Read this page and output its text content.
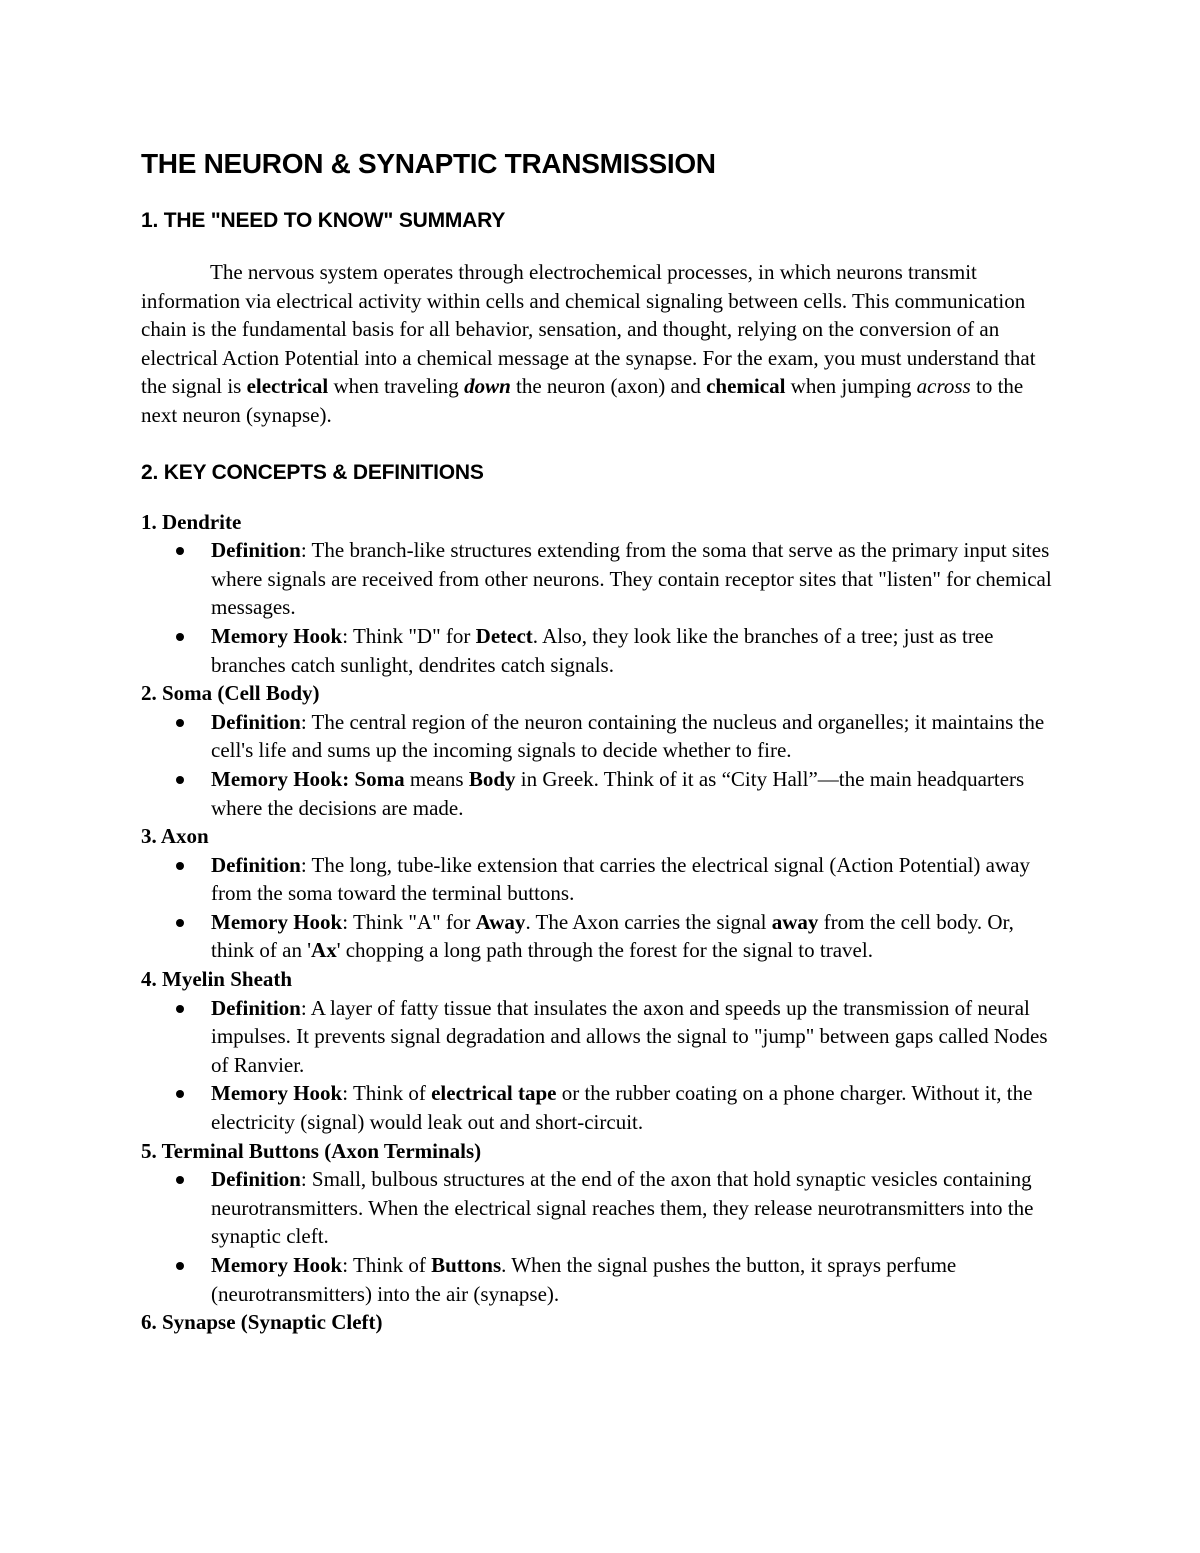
THE NEURON & SYNAPTIC TRANSMISSION
1. THE "NEED TO KNOW" SUMMARY

The nervous system operates through electrochemical processes, in which neurons transmit information via electrical activity within cells and chemical signaling between cells. This communication chain is the fundamental basis for all behavior, sensation, and thought, relying on the conversion of an electrical Action Potential into a chemical message at the synapse. For the exam, you must understand that the signal is electrical when traveling down the neuron (axon) and chemical when jumping across to the next neuron (synapse).

2. KEY CONCEPTS & DEFINITIONS
1. Dendrite
Definition: The branch-like structures extending from the soma that serve as the primary input sites where signals are received from other neurons. They contain receptor sites that "listen" for chemical messages.
Memory Hook: Think "D" for Detect. Also, they look like the branches of a tree; just as tree branches catch sunlight, dendrites catch signals.
2. Soma (Cell Body)
Definition: The central region of the neuron containing the nucleus and organelles; it maintains the cell's life and sums up the incoming signals to decide whether to fire.
Memory Hook: Soma means Body in Greek. Think of it as “City Hall”—the main headquarters where the decisions are made.
3. Axon
Definition: The long, tube-like extension that carries the electrical signal (Action Potential) away from the soma toward the terminal buttons.
Memory Hook: Think "A" for Away. The Axon carries the signal away from the cell body. Or, think of an 'Ax' chopping a long path through the forest for the signal to travel.
4. Myelin Sheath
Definition: A layer of fatty tissue that insulates the axon and speeds up the transmission of neural impulses. It prevents signal degradation and allows the signal to "jump" between gaps called Nodes of Ranvier.
Memory Hook: Think of electrical tape or the rubber coating on a phone charger. Without it, the electricity (signal) would leak out and short-circuit.
5. Terminal Buttons (Axon Terminals)
Definition: Small, bulbous structures at the end of the axon that hold synaptic vesicles containing neurotransmitters. When the electrical signal reaches them, they release neurotransmitters into the synaptic cleft.
Memory Hook: Think of Buttons. When the signal pushes the button, it sprays perfume (neurotransmitters) into the air (synapse).
6. Synapse (Synaptic Cleft)
